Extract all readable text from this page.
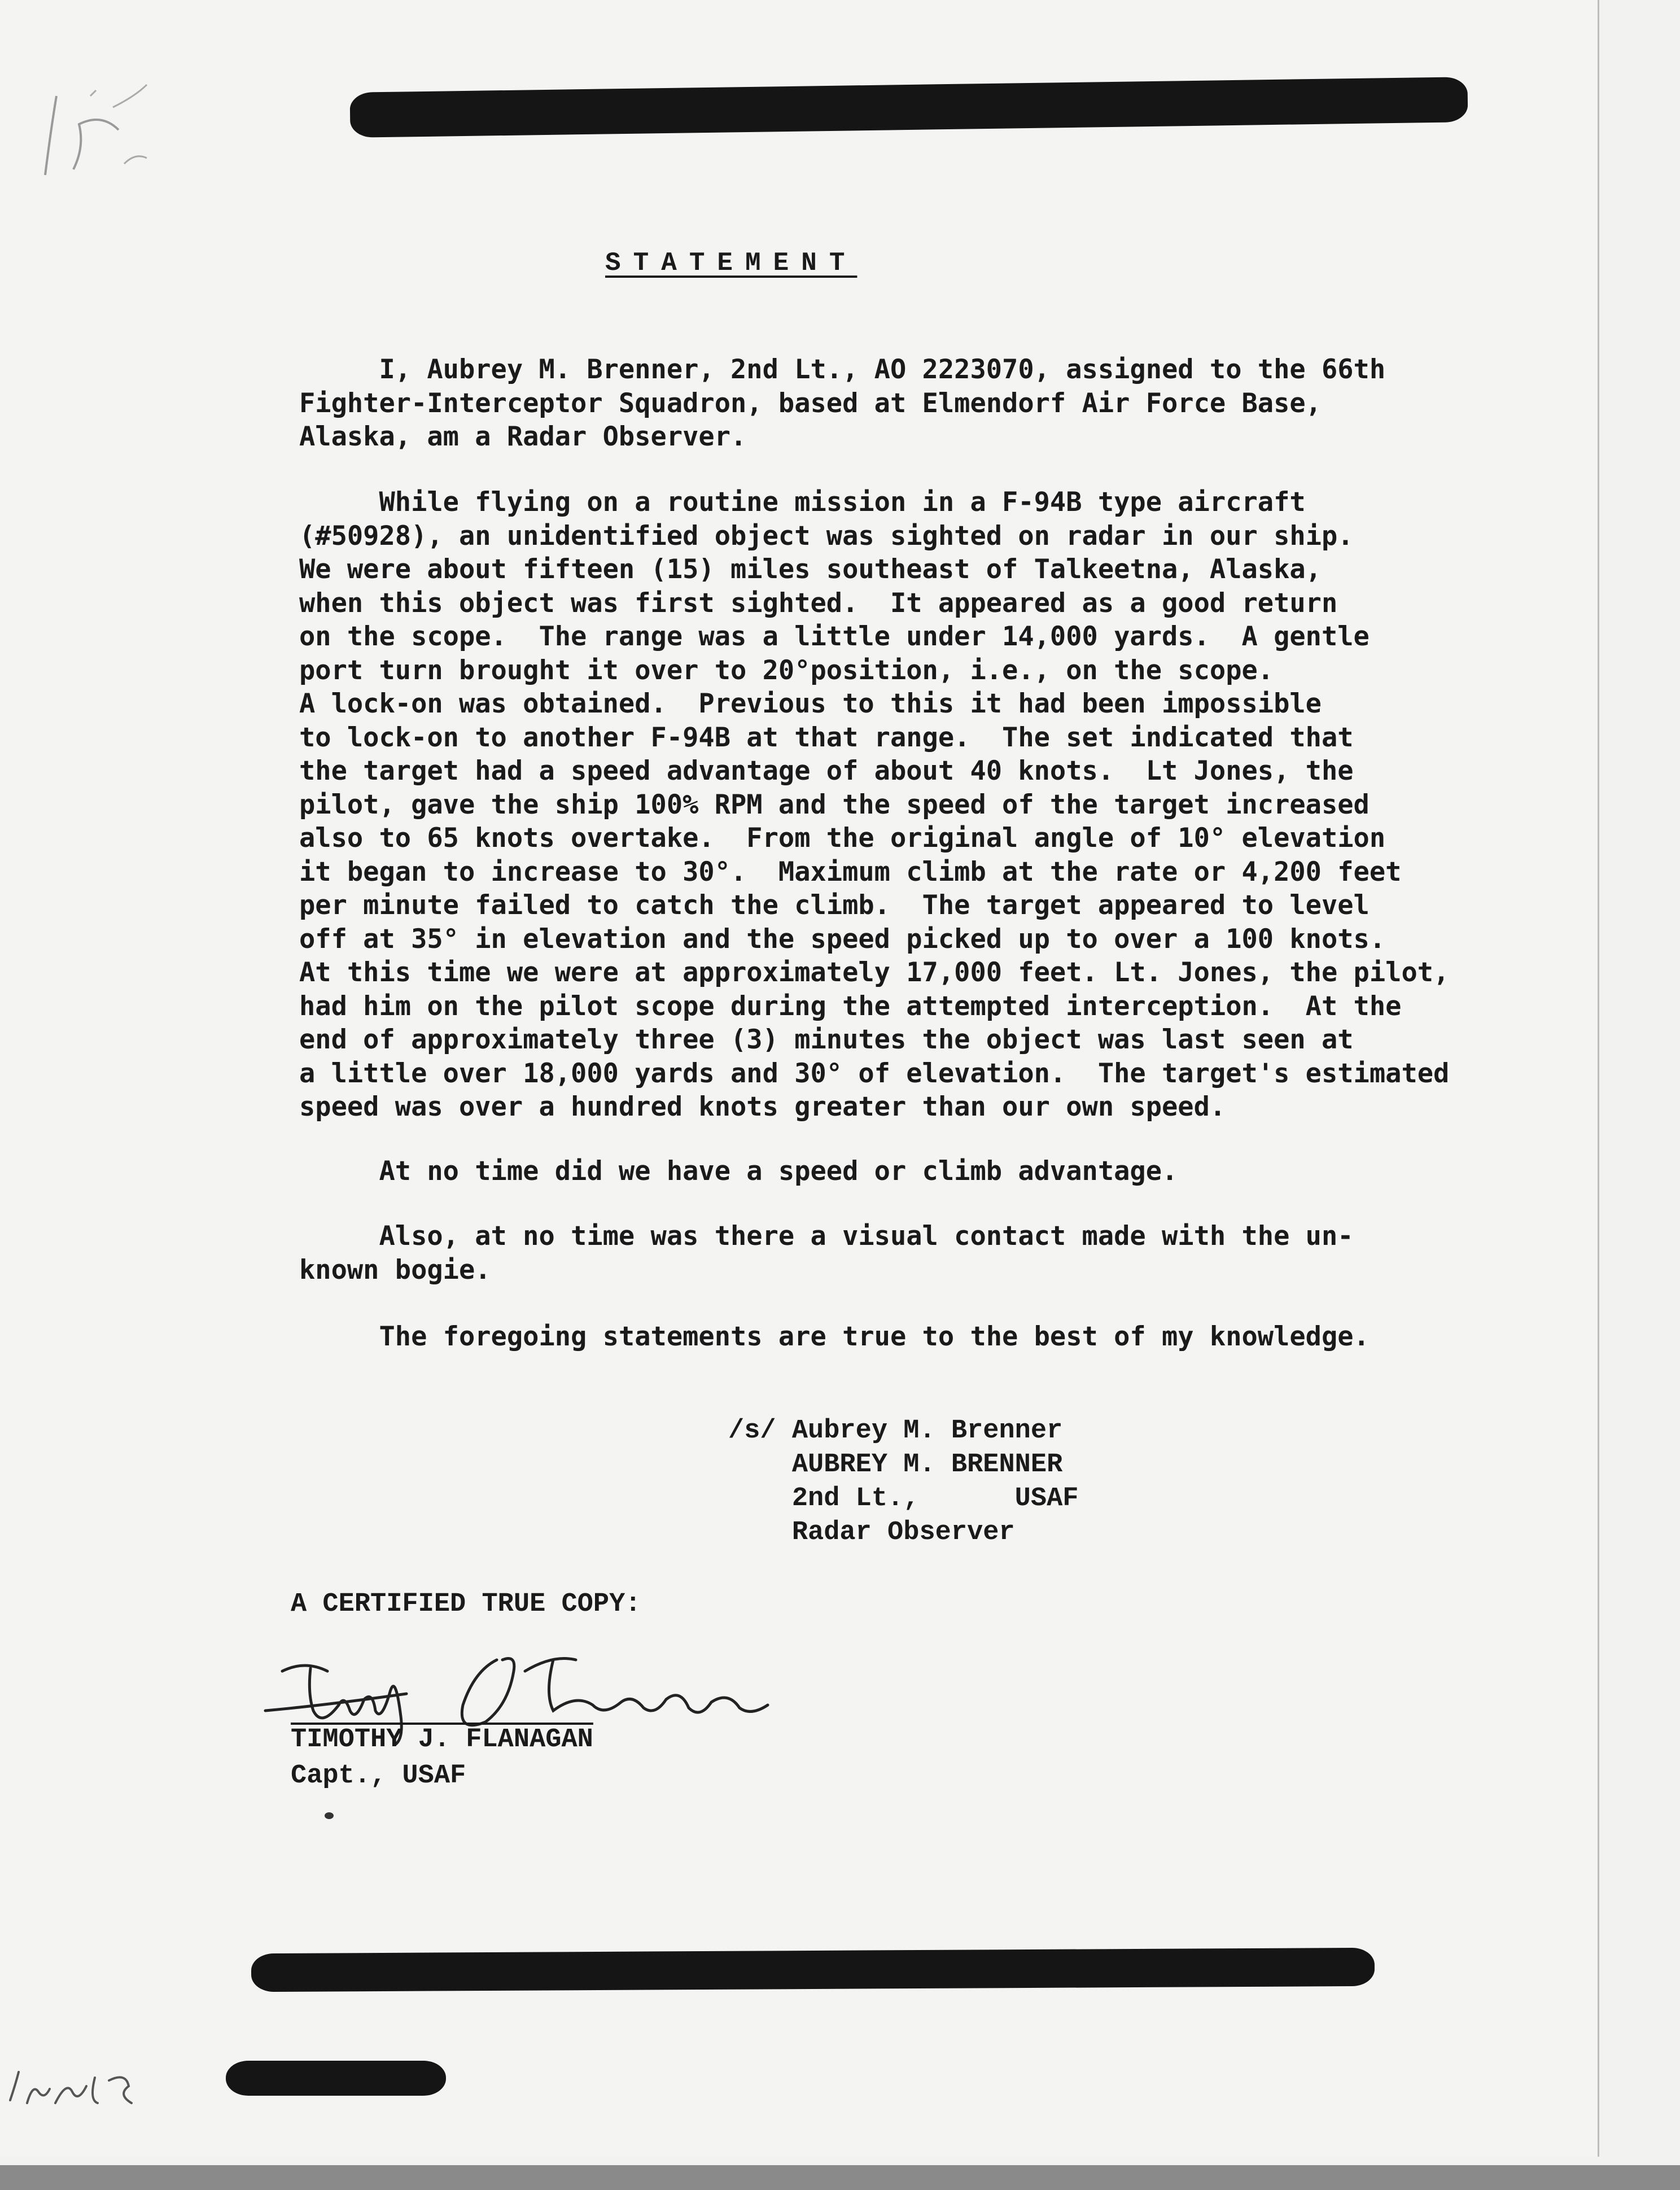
STATEMENT
I, Aubrey M. Brenner, 2nd Lt., AO 2223070, assigned to the 66th
Fighter-Interceptor Squadron, based at Elmendorf Air Force Base,
Alaska, am a Radar Observer.
While flying on a routine mission in a F-94B type aircraft
(#50928), an unidentified object was sighted on radar in our ship.
We were about fifteen (15) miles southeast of Talkeetna, Alaska,
when this object was first sighted.  It appeared as a good return
on the scope.  The range was a little under 14,000 yards.  A gentle
port turn brought it over to 20°position, i.e., on the scope.
A lock-on was obtained.  Previous to this it had been impossible
to lock-on to another F-94B at that range.  The set indicated that
the target had a speed advantage of about 40 knots.  Lt Jones, the
pilot, gave the ship 100% RPM and the speed of the target increased
also to 65 knots overtake.  From the original angle of 10° elevation
it began to increase to 30°.  Maximum climb at the rate or 4,200 feet
per minute failed to catch the climb.  The target appeared to level
off at 35° in elevation and the speed picked up to over a 100 knots.
At this time we were at approximately 17,000 feet. Lt. Jones, the pilot,
had him on the pilot scope during the attempted interception.  At the
end of approximately three (3) minutes the object was last seen at
a little over 18,000 yards and 30° of elevation.  The target's estimated
speed was over a hundred knots greater than our own speed.
At no time did we have a speed or climb advantage.
Also, at no time was there a visual contact made with the un-
known bogie.
The foregoing statements are true to the best of my knowledge.
/s/ Aubrey M. Brenner
AUBREY M. BRENNER
2nd Lt.,      USAF
Radar Observer
A CERTIFIED TRUE COPY:
TIMOTHY J. FLANAGAN
Capt., USAF
